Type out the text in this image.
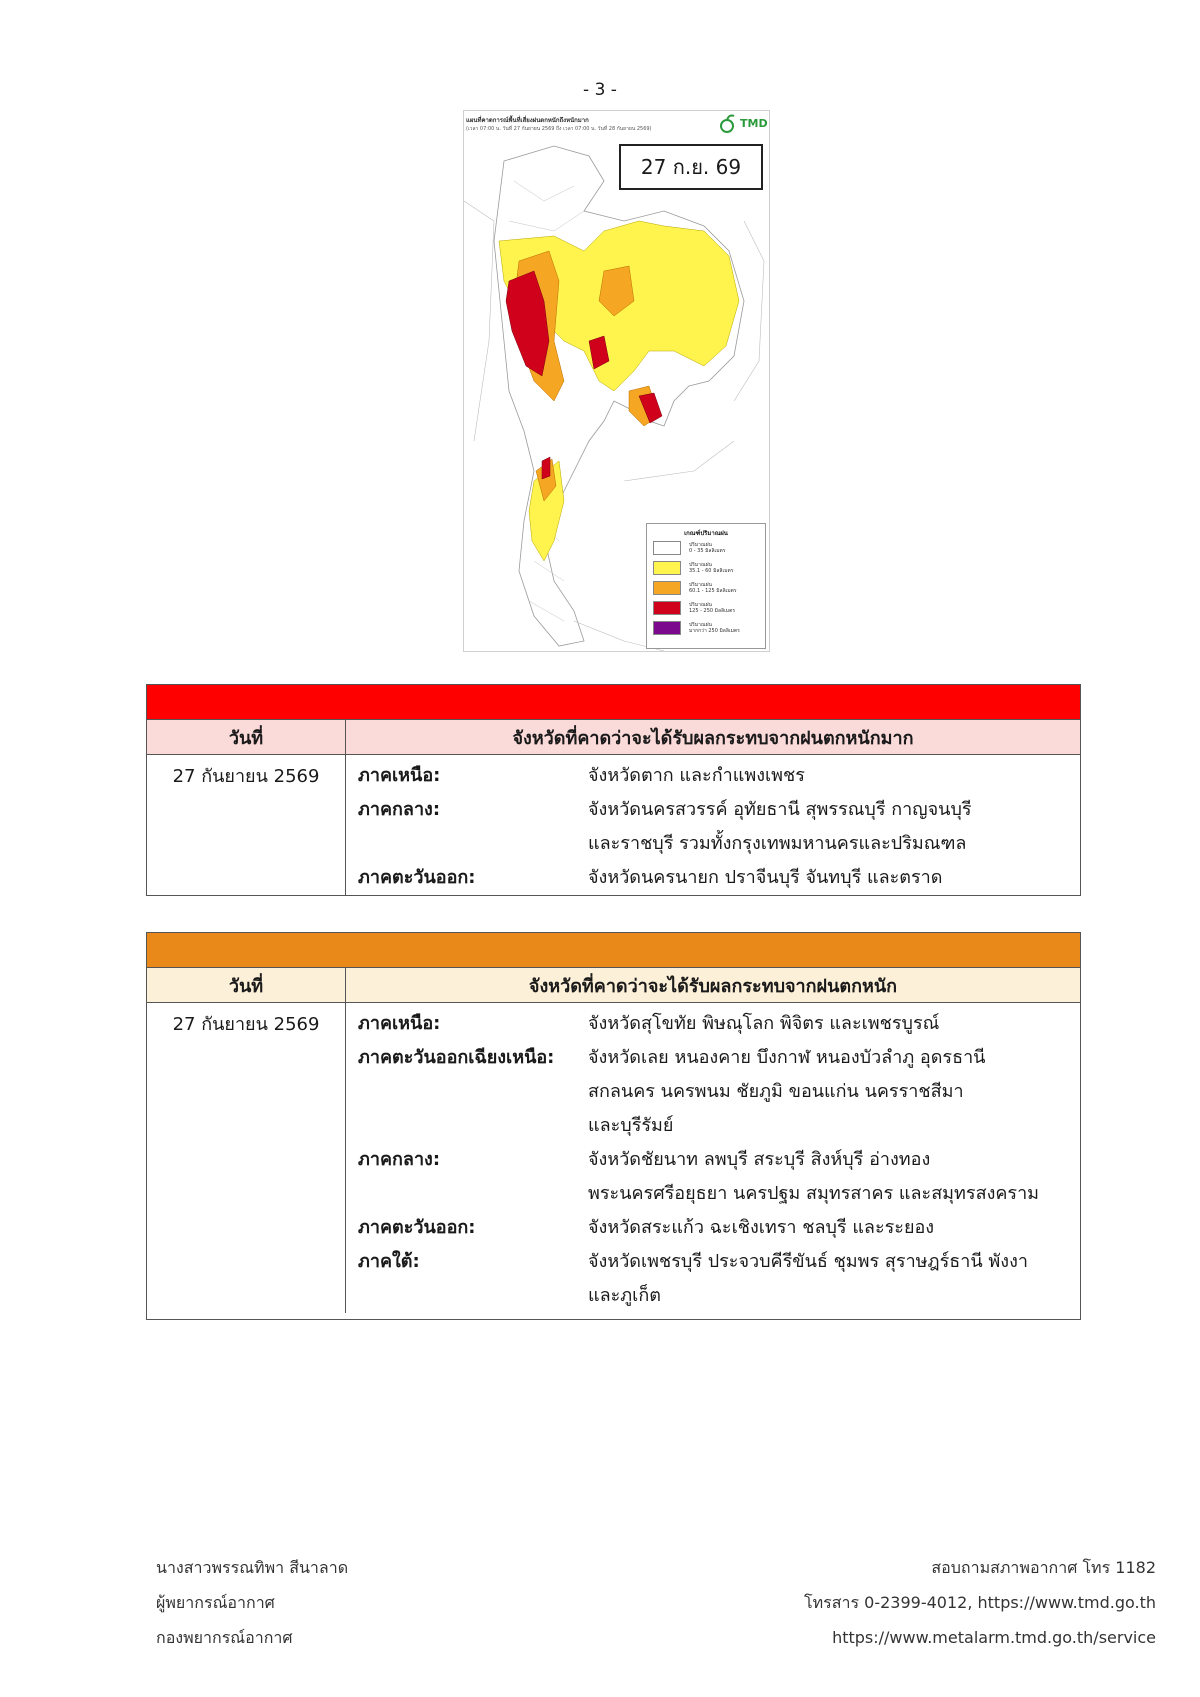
- 3 -
แผนที่คาดการณ์พื้นที่เสี่ยงฝนตกหนักถึงหนักมาก
(เวลา 07:00 น. วันที่ 27 กันยายน 2569 ถึง เวลา 07:00 น. วันที่ 28 กันยายน 2569)	TMD
27 ก.ย. 69
เกณฑ์ปริมาณฝน
ปริมาณฝน
0 - 35 มิลลิเมตร
ปริมาณฝน
35.1 - 60 มิลลิเมตร
ปริมาณฝน
60.1 - 125 มิลลิเมตร
ปริมาณฝน
125 - 250 มิลลิเมตร
ปริมาณฝน
มากกว่า 250 มิลลิเมตร
วันที่	จังหวัดที่คาดว่าจะได้รับผลกระทบจากฝนตกหนักมาก
27 กันยายน 2569	ภาคเหนือ:	จังหวัดตาก และกำแพงเพชร
ภาคกลาง:	จังหวัดนครสวรรค์ อุทัยธานี สุพรรณบุรี กาญจนบุรี
และราชบุรี รวมทั้งกรุงเทพมหานครและปริมณฑล
ภาคตะวันออก:	จังหวัดนครนายก ปราจีนบุรี จันทบุรี และตราด
วันที่	จังหวัดที่คาดว่าจะได้รับผลกระทบจากฝนตกหนัก
27 กันยายน 2569	ภาคเหนือ:	จังหวัดสุโขทัย พิษณุโลก พิจิตร และเพชรบูรณ์
ภาคตะวันออกเฉียงเหนือ:	จังหวัดเลย หนองคาย บึงกาฬ หนองบัวลำภู อุดรธานี
สกลนคร นครพนม ชัยภูมิ ขอนแก่น นครราชสีมา
และบุรีรัมย์
ภาคกลาง:	จังหวัดชัยนาท ลพบุรี สระบุรี สิงห์บุรี อ่างทอง
พระนครศรีอยุธยา นครปฐม สมุทรสาคร และสมุทรสงคราม
ภาคตะวันออก:	จังหวัดสระแก้ว ฉะเชิงเทรา ชลบุรี และระยอง
ภาคใต้:	จังหวัดเพชรบุรี ประจวบคีรีขันธ์ ชุมพร สุราษฎร์ธานี พังงา
และภูเก็ต
นางสาวพรรณทิพา สีนาลาด
ผู้พยากรณ์อากาศ
กองพยากรณ์อากาศ
สอบถามสภาพอากาศ โทร 1182
โทรสาร 0-2399-4012, https://www.tmd.go.th
https://www.metalarm.tmd.go.th/service
